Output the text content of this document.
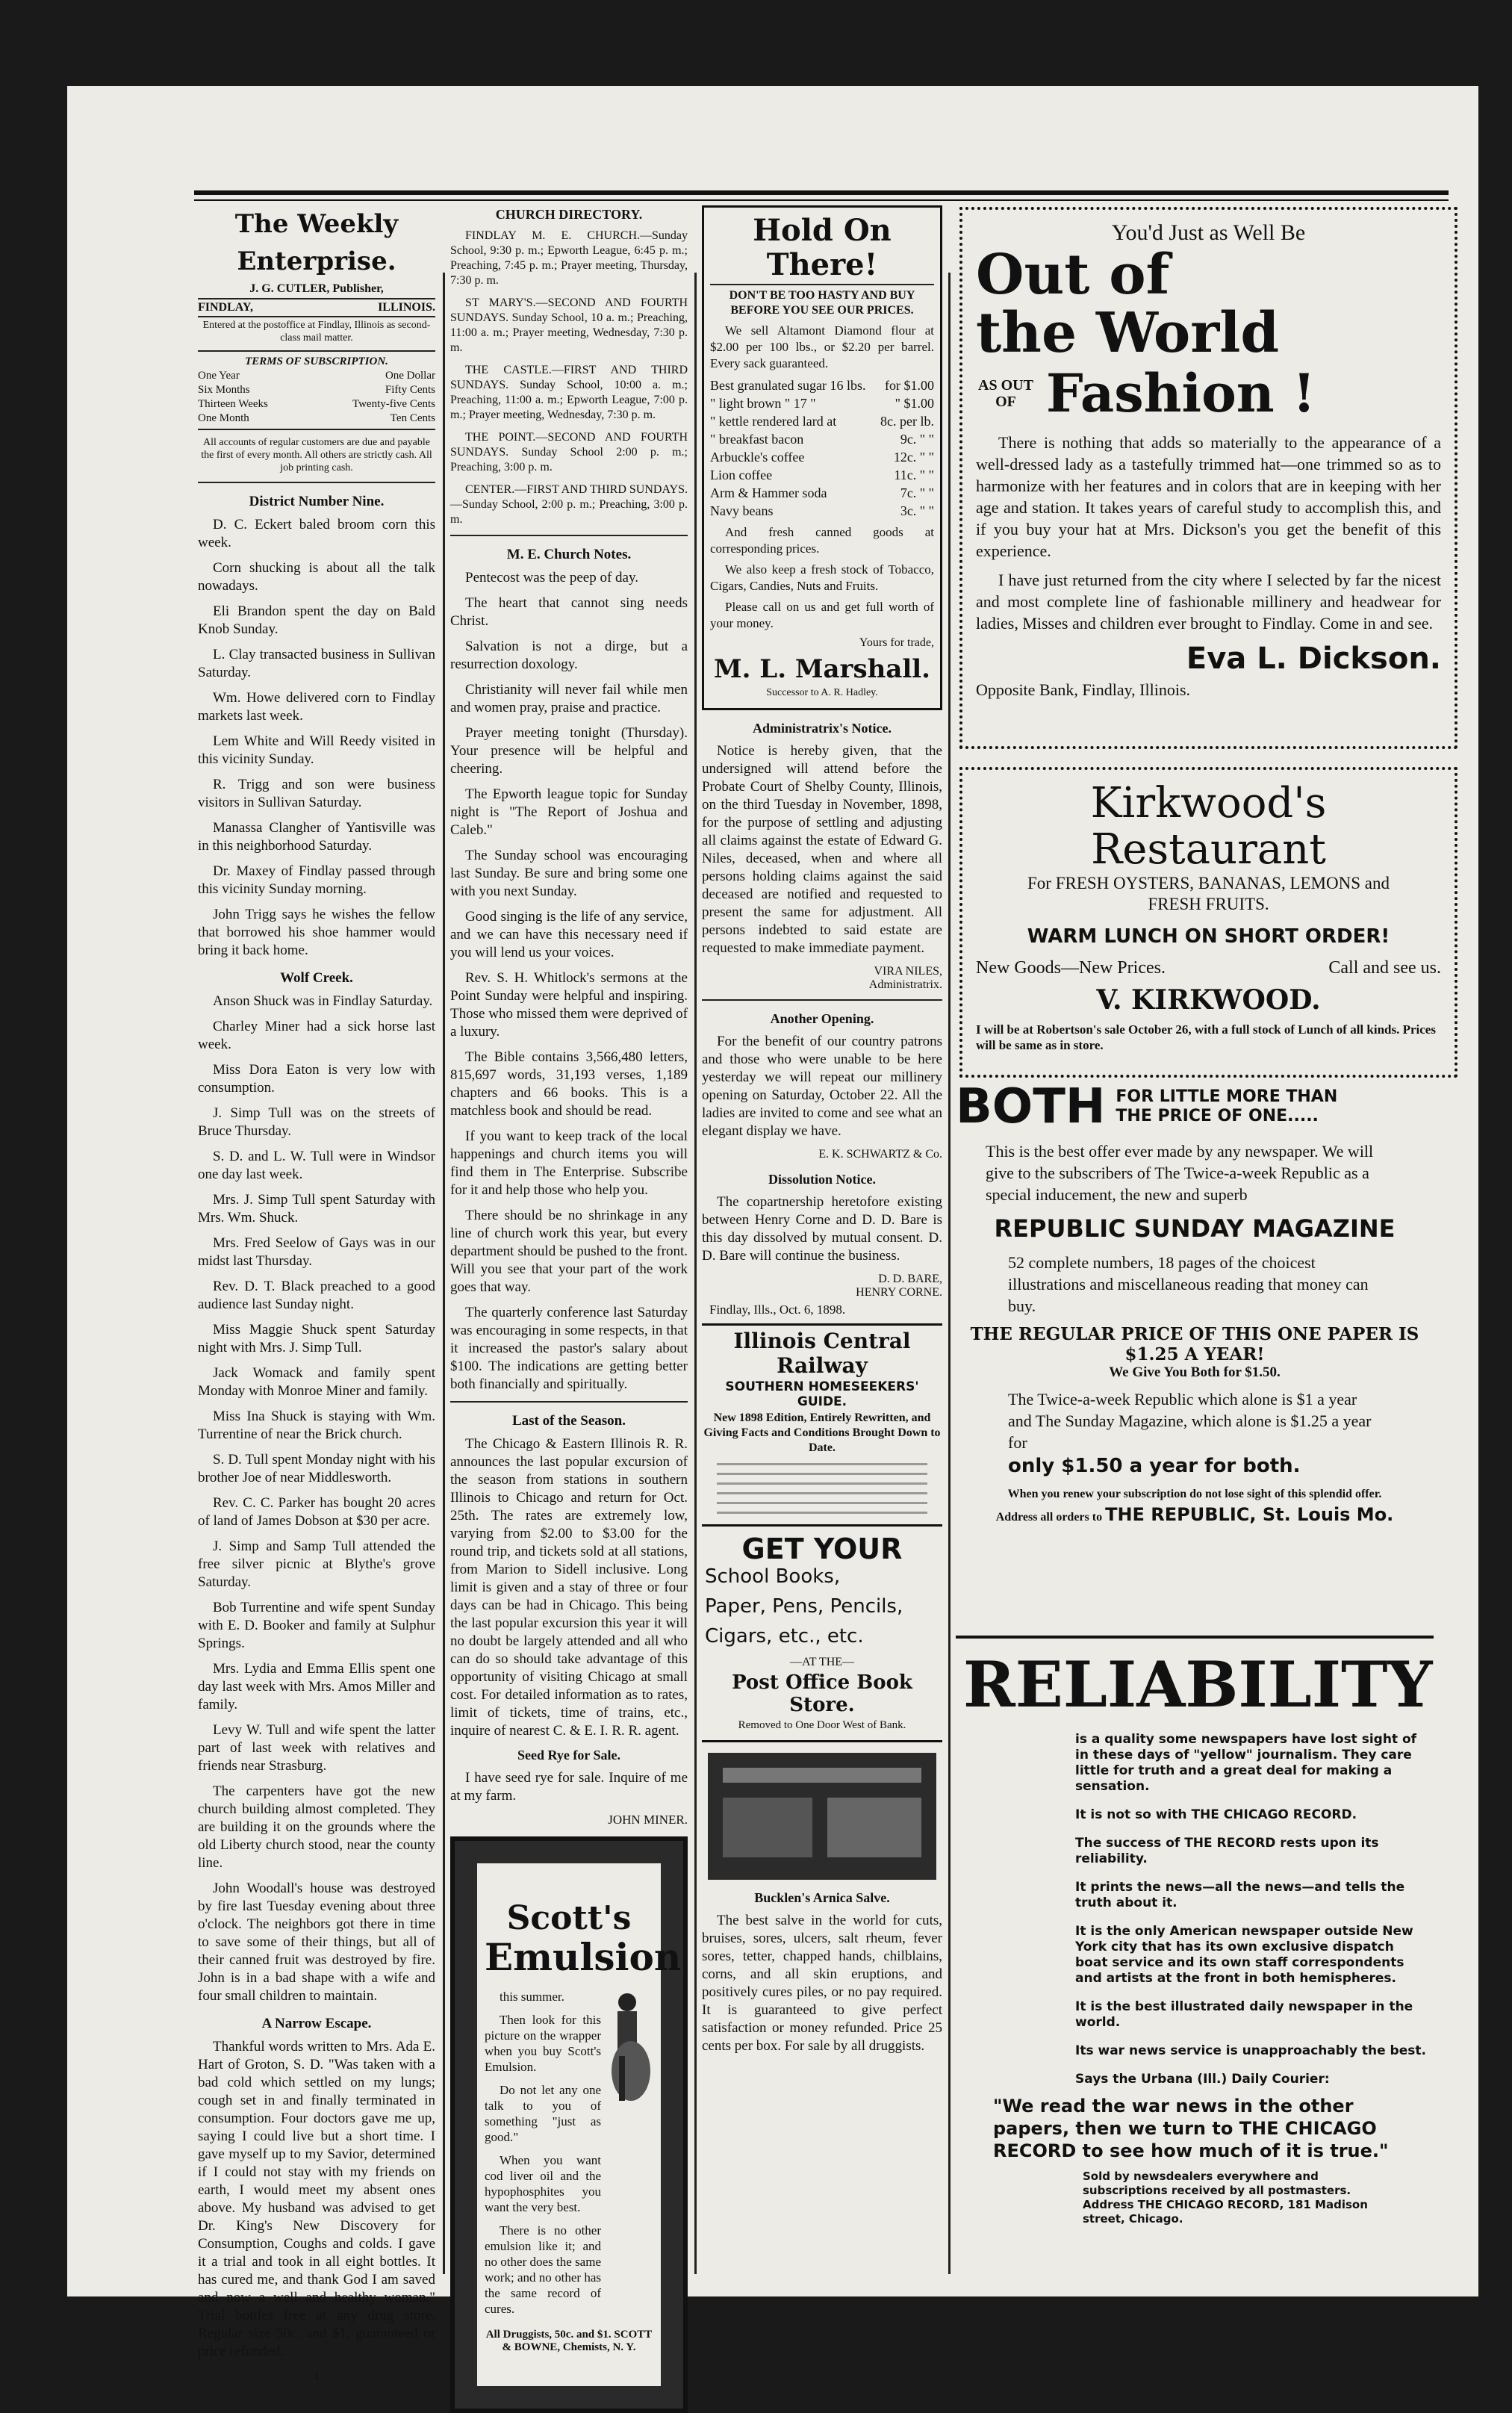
The Weekly Enterprise.
J. G. CUTLER, Publisher,
FINDLAY,	ILLINOIS.
Entered at the postoffice at Findlay, Illinois as second-class mail matter.
TERMS OF SUBSCRIPTION.
One Year	One Dollar
Six Months	Fifty Cents
Thirteen Weeks	Twenty-five Cents
One Month	Ten Cents
All accounts of regular customers are due and payable the first of every month. All others are strictly cash. All job printing cash.
District Number Nine.

D. C. Eckert baled broom corn this week.

Corn shucking is about all the talk nowadays.

Eli Brandon spent the day on Bald Knob Sunday.

L. Clay transacted business in Sullivan Saturday.

Wm. Howe delivered corn to Findlay markets last week.

Lem White and Will Reedy visited in this vicinity Sunday.

R. Trigg and son were business visitors in Sullivan Saturday.

Manassa Clangher of Yantisville was in this neighborhood Saturday.

Dr. Maxey of Findlay passed through this vicinity Sunday morning.

John Trigg says he wishes the fellow that borrowed his shoe hammer would bring it back home.

Wolf Creek.

Anson Shuck was in Findlay Saturday.

Charley Miner had a sick horse last week.

Miss Dora Eaton is very low with consumption.

J. Simp Tull was on the streets of Bruce Thursday.

S. D. and L. W. Tull were in Windsor one day last week.

Mrs. J. Simp Tull spent Saturday with Mrs. Wm. Shuck.

Mrs. Fred Seelow of Gays was in our midst last Thursday.

Rev. D. T. Black preached to a good audience last Sunday night.

Miss Maggie Shuck spent Saturday night with Mrs. J. Simp Tull.

Jack Womack and family spent Monday with Monroe Miner and family.

Miss Ina Shuck is staying with Wm. Turrentine of near the Brick church.

S. D. Tull spent Monday night with his brother Joe of near Middlesworth.

Rev. C. C. Parker has bought 20 acres of land of James Dobson at $30 per acre.

J. Simp and Samp Tull attended the free silver picnic at Blythe's grove Saturday.

Bob Turrentine and wife spent Sunday with E. D. Booker and family at Sulphur Springs.

Mrs. Lydia and Emma Ellis spent one day last week with Mrs. Amos Miller and family.

Levy W. Tull and wife spent the latter part of last week with relatives and friends near Strasburg.

The carpenters have got the new church building almost completed. They are building it on the grounds where the old Liberty church stood, near the county line.

John Woodall's house was destroyed by fire last Tuesday evening about three o'clock. The neighbors got there in time to save some of their things, but all of their canned fruit was destroyed by fire. John is in a bad shape with a wife and four small children to maintain.

A Narrow Escape.

Thankful words written to Mrs. Ada E. Hart of Groton, S. D. "Was taken with a bad cold which settled on my lungs; cough set in and finally terminated in consumption. Four doctors gave me up, saying I could live but a short time. I gave myself up to my Savior, determined if I could not stay with my friends on earth, I would meet my absent ones above. My husband was advised to get Dr. King's New Discovery for Consumption, Coughs and colds. I gave it a trial and took in all eight bottles. It has cured me, and thank God I am saved and now a well and healthy woman." Trial bottles free at any drug store. Regular size 50c. and $1, guaranteed or price refunded.

1
CHURCH DIRECTORY.

FINDLAY M. E. CHURCH.—Sunday School, 9:30 p. m.; Epworth League, 6:45 p. m.; Preaching, 7:45 p. m.; Prayer meeting, Thursday, 7:30 p. m.

ST MARY'S.—SECOND AND FOURTH SUNDAYS. Sunday School, 10 a. m.; Preaching, 11:00 a. m.; Prayer meeting, Wednesday, 7:30 p. m.

THE CASTLE.—FIRST AND THIRD SUNDAYS. Sunday School, 10:00 a. m.; Preaching, 11:00 a. m.; Epworth League, 7:00 p. m.; Prayer meeting, Wednesday, 7:30 p. m.

THE POINT.—SECOND AND FOURTH SUNDAYS. Sunday School 2:00 p. m.; Preaching, 3:00 p. m.

CENTER.—FIRST AND THIRD SUNDAYS.—Sunday School, 2:00 p. m.; Preaching, 3:00 p. m.

M. E. Church Notes.

Pentecost was the peep of day.

The heart that cannot sing needs Christ.

Salvation is not a dirge, but a resurrection doxology.

Christianity will never fail while men and women pray, praise and practice.

Prayer meeting tonight (Thursday). Your presence will be helpful and cheering.

The Epworth league topic for Sunday night is "The Report of Joshua and Caleb."

The Sunday school was encouraging last Sunday. Be sure and bring some one with you next Sunday.

Good singing is the life of any service, and we can have this necessary need if you will lend us your voices.

Rev. S. H. Whitlock's sermons at the Point Sunday were helpful and inspiring. Those who missed them were deprived of a luxury.

The Bible contains 3,566,480 letters, 815,697 words, 31,193 verses, 1,189 chapters and 66 books. This is a matchless book and should be read.

If you want to keep track of the local happenings and church items you will find them in The Enterprise. Subscribe for it and help those who help you.

There should be no shrinkage in any line of church work this year, but every department should be pushed to the front. Will you see that your part of the work goes that way.

The quarterly conference last Saturday was encouraging in some respects, in that it increased the pastor's salary about $100. The indications are getting better both financially and spiritually.

Last of the Season.

The Chicago & Eastern Illinois R. R. announces the last popular excursion of the season from stations in southern Illinois to Chicago and return for Oct. 25th. The rates are extremely low, varying from $2.00 to $3.00 for the round trip, and tickets sold at all stations, from Marion to Sidell inclusive. Long limit is given and a stay of three or four days can be had in Chicago. This being the last popular excursion this year it will no doubt be largely attended and all who can do so should take advantage of this opportunity of visiting Chicago at small cost. For detailed information as to rates, limit of tickets, time of trains, etc., inquire of nearest C. & E. I. R. R. agent.

Seed Rye for Sale.

I have seed rye for sale. Inquire of me at my farm.

JOHN MINER.
Scott's
Emulsion

this summer.

Then look for this picture on the wrapper when you buy Scott's Emulsion.

Do not let any one talk to you of something "just as good."

When you want cod liver oil and the hypophosphites you want the very best.

There is no other emulsion like it; and no other does the same work; and no other has the same record of cures.

All Druggists, 50c. and $1. SCOTT & BOWNE, Chemists, N. Y.
Hold On There!
DON'T BE TOO HASTY AND BUY BEFORE YOU SEE OUR PRICES.

We sell Altamont Diamond flour at $2.00 per 100 lbs., or $2.20 per barrel. Every sack guaranteed.

Best granulated sugar 16 lbs. for $1.00
" light brown " 17 "	" $1.00
" kettle rendered lard at	8c. per lb.
" breakfast bacon	9c. " "
Arbuckle's coffee	12c. " "
Lion coffee	11c. " "
Arm & Hammer soda	7c. " "
Navy beans	3c. " "

And fresh canned goods at corresponding prices.

We also keep a fresh stock of Tobacco, Cigars, Candies, Nuts and Fruits.

Please call on us and get full worth of your money.

Yours for trade,
M. L. Marshall.
Successor to A. R. Hadley.
Administratrix's Notice.

Notice is hereby given, that the undersigned will attend before the Probate Court of Shelby County, Illinois, on the third Tuesday in November, 1898, for the purpose of settling and adjusting all claims against the estate of Edward G. Niles, deceased, when and where all persons holding claims against the said deceased are notified and requested to present the same for adjustment. All persons indebted to said estate are requested to make immediate payment.

VIRA NILES,
Administratrix.
Another Opening.

For the benefit of our country patrons and those who were unable to be here yesterday we will repeat our millinery opening on Saturday, October 22. All the ladies are invited to come and see what an elegant display we have.

E. K. SCHWARTZ & Co.
Dissolution Notice.

The copartnership heretofore existing between Henry Corne and D. D. Bare is this day dissolved by mutual consent. D. D. Bare will continue the business.

D. D. BARE,
HENRY CORNE.
Findlay, Ills., Oct. 6, 1898.
Illinois Central Railway
SOUTHERN HOMESEEKERS' GUIDE.
New 1898 Edition, Entirely Rewritten, and Giving Facts and Conditions Brought Down to Date.
GET YOUR

School Books,

Paper, Pens, Pencils,

Cigars, etc., etc.

—AT THE—
Post Office Book Store.
Removed to One Door West of Bank.
Bucklen's Arnica Salve.

The best salve in the world for cuts, bruises, sores, ulcers, salt rheum, fever sores, tetter, chapped hands, chilblains, corns, and all skin eruptions, and positively cures piles, or no pay required. It is guaranteed to give perfect satisfaction or money refunded. Price 25 cents per box. For sale by all druggists.

You'd Just as Well Be
Out of
the World
AS OUT OF Fashion !

There is nothing that adds so materially to the appearance of a well-dressed lady as a tastefully trimmed hat—one trimmed so as to harmonize with her features and in colors that are in keeping with her age and station. It takes years of careful study to accomplish this, and if you buy your hat at Mrs. Dickson's you get the benefit of this experience.

I have just returned from the city where I selected by far the nicest and most complete line of fashionable millinery and headwear for ladies, Misses and children ever brought to Findlay. Come in and see.

Eva L. Dickson.
Opposite Bank, Findlay, Illinois.
Kirkwood's Restaurant
For FRESH OYSTERS, BANANAS, LEMONS and FRESH FRUITS.
WARM LUNCH ON SHORT ORDER!
New Goods—New Prices.	Call and see us.
V. KIRKWOOD.
I will be at Robertson's sale October 26, with a full stock of Lunch of all kinds. Prices will be same as in store.
BOTH FOR LITTLE MORE THAN THE PRICE OF ONE.....

This is the best offer ever made by any newspaper. We will give to the subscribers of The Twice-a-week Republic as a special inducement, the new and superb

REPUBLIC SUNDAY MAGAZINE

52 complete numbers, 18 pages of the choicest illustrations and miscellaneous reading that money can buy.

THE REGULAR PRICE OF THIS ONE PAPER IS $1.25 A YEAR!
We Give You Both for $1.50.

The Twice-a-week Republic which alone is $1 a year and The Sunday Magazine, which alone is $1.25 a year for

only $1.50 a year for both.

When you renew your subscription do not lose sight of this splendid offer.
Address all orders to THE REPUBLIC, St. Louis Mo.
RELIABILITY

is a quality some newspapers have lost sight of in these days of "yellow" journalism. They care little for truth and a great deal for making a sensation.

It is not so with THE CHICAGO RECORD.

The success of THE RECORD rests upon its reliability.

It prints the news—all the news—and tells the truth about it.

It is the only American newspaper outside New York city that has its own exclusive dispatch boat service and its own staff correspondents and artists at the front in both hemispheres.

It is the best illustrated daily newspaper in the world.

Its war news service is unapproachably the best.

Says the Urbana (Ill.) Daily Courier:

"We read the war news in the other papers, then we turn to THE CHICAGO RECORD to see how much of it is true."
Sold by newsdealers everywhere and subscriptions received by all postmasters. Address THE CHICAGO RECORD, 181 Madison street, Chicago.
